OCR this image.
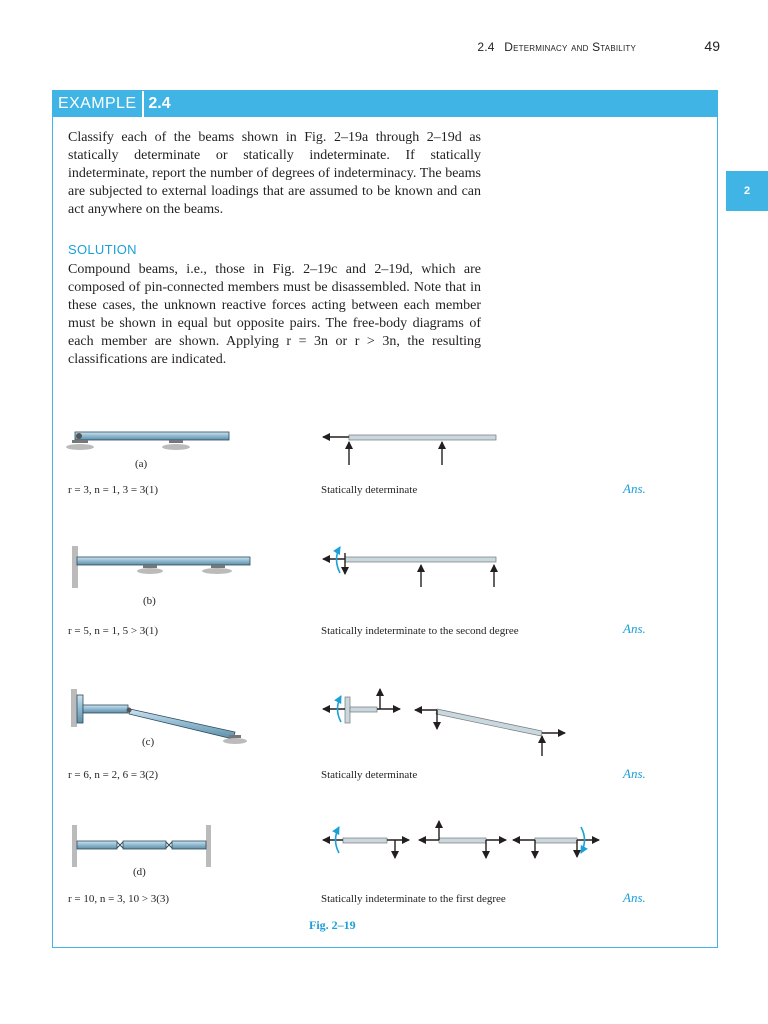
2.4 Determinacy and Stability	49
2
EXAMPLE 2.4
Classify each of the beams shown in Fig. 2–19a through 2–19d as statically determinate or statically indeterminate. If statically indeterminate, report the number of degrees of indeterminacy. The beams are subjected to external loadings that are assumed to be known and can act anywhere on the beams.
SOLUTION
Compound beams, i.e., those in Fig. 2–19c and 2–19d, which are composed of pin-connected members must be disassembled. Note that in these cases, the unknown reactive forces acting between each member must be shown in equal but opposite pairs. The free-body diagrams of each member are shown. Applying r = 3n or r > 3n, the resulting classifications are indicated.
(a)
r = 3, n = 1, 3 = 3(1)	Statically determinate	Ans.
(b)
r = 5, n = 1, 5 > 3(1)	Statically indeterminate to the second degree	Ans.
(c)
r = 6, n = 2, 6 = 3(2)	Statically determinate	Ans.
(d)
r = 10, n = 3, 10 > 3(3)	Statically indeterminate to the first degree	Ans.
Fig. 2–19
